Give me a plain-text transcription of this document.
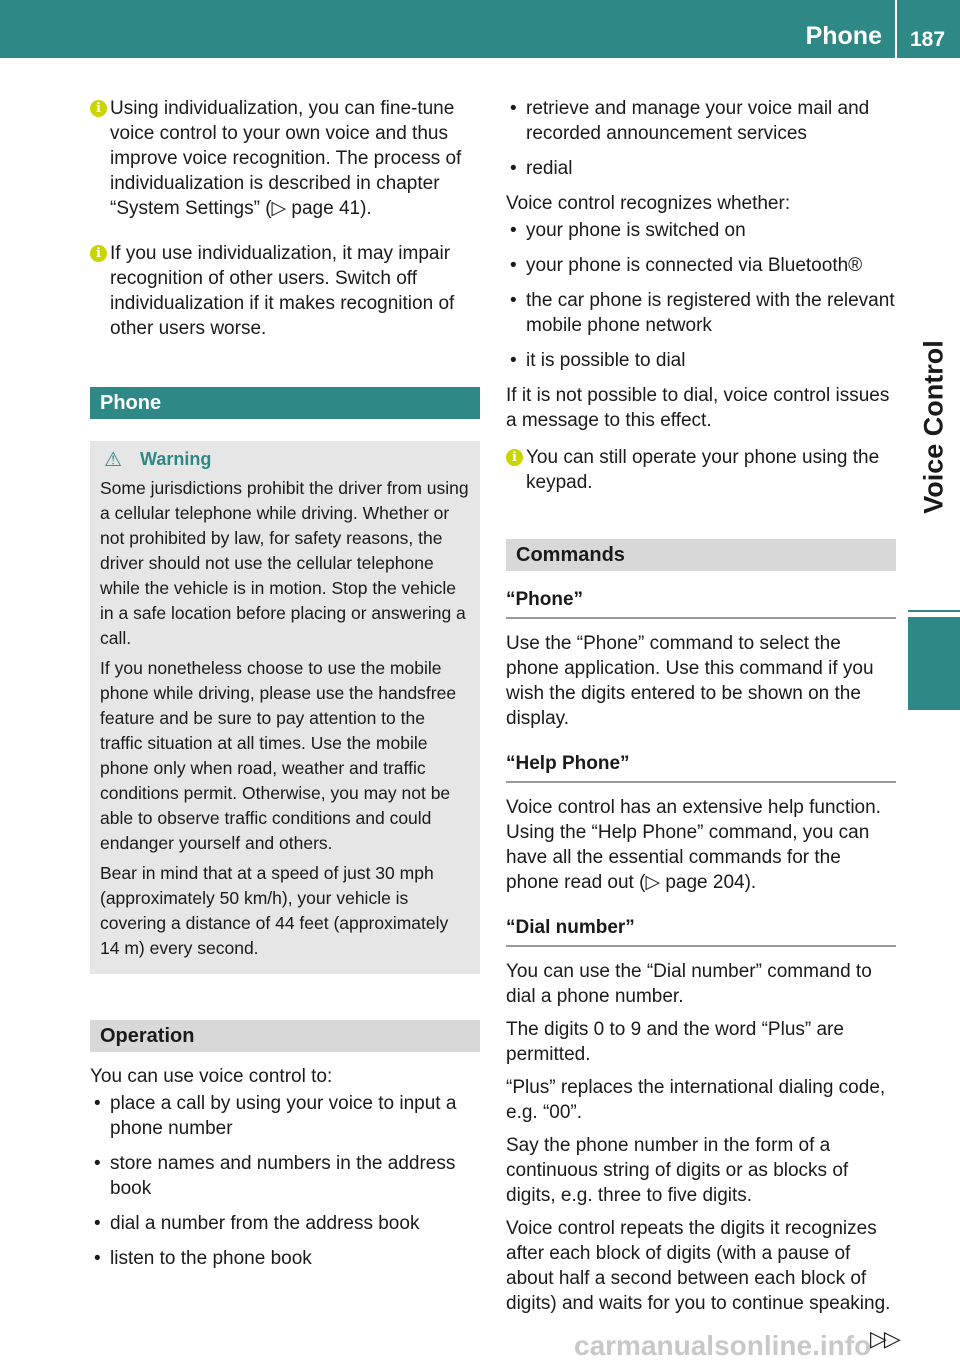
Phone 187
Voice Control
i Using individualization, you can fine-tune voice control to your own voice and thus improve voice recognition. The process of individualization is described in chapter “System Settings” (▷ page 41).

i If you use individualization, it may impair recognition of other users. Switch off individualization if it makes recognition of other users worse.

Phone
⚠ Warning

Some jurisdictions prohibit the driver from using a cellular telephone while driving. Whether or not prohibited by law, for safety reasons, the driver should not use the cellular telephone while the vehicle is in motion. Stop the vehicle in a safe location before placing or answering a call.

If you nonetheless choose to use the mobile phone while driving, please use the handsfree feature and be sure to pay attention to the traffic situation at all times. Use the mobile phone only when road, weather and traffic conditions permit. Otherwise, you may not be able to observe traffic conditions and could endanger yourself and others.

Bear in mind that at a speed of just 30 mph (approximately 50 km/h), your vehicle is covering a distance of 44 feet (approximately 14 m) every second.

Operation

You can use voice control to:

• place a call by using your voice to input a phone number

• store names and numbers in the address book

• dial a number from the address book

• listen to the phone book

• retrieve and manage your voice mail and recorded announcement services

• redial

Voice control recognizes whether:

• your phone is switched on

• your phone is connected via Bluetooth®

• the car phone is registered with the relevant mobile phone network

• it is possible to dial

If it is not possible to dial, voice control issues a message to this effect.

i You can still operate your phone using the keypad.

Commands
“Phone”

Use the “Phone” command to select the phone application. Use this command if you wish the digits entered to be shown on the display.

“Help Phone”

Voice control has an extensive help function. Using the “Help Phone” command, you can have all the essential commands for the phone read out (▷ page 204).

“Dial number”

You can use the “Dial number” command to dial a phone number.

The digits 0 to 9 and the word “Plus” are permitted.

“Plus” replaces the international dialing code, e.g. “00”.

Say the phone number in the form of a continuous string of digits or as blocks of digits, e.g. three to five digits.

Voice control repeats the digits it recognizes after each block of digits (with a pause of about half a second between each block of digits) and waits for you to continue speaking.

carmanualsonline.info
▷▷
